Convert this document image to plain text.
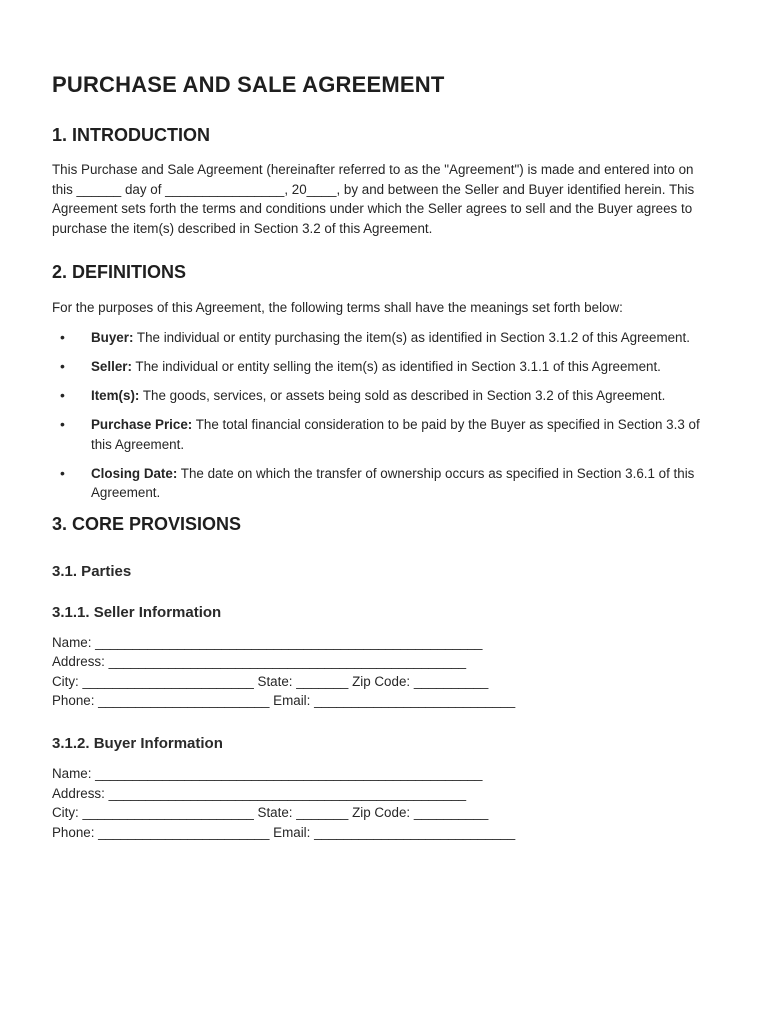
PURCHASE AND SALE AGREEMENT
1. INTRODUCTION

This Purchase and Sale Agreement (hereinafter referred to as the "Agreement") is made and entered into on this ______ day of ________________, 20____, by and between the Seller and Buyer identified herein. This Agreement sets forth the terms and conditions under which the Seller agrees to sell and the Buyer agrees to purchase the item(s) described in Section 3.2 of this Agreement.

2. DEFINITIONS

For the purposes of this Agreement, the following terms shall have the meanings set forth below:

• Buyer: The individual or entity purchasing the item(s) as identified in Section 3.1.2 of this Agreement.
• Seller: The individual or entity selling the item(s) as identified in Section 3.1.1 of this Agreement.
• Item(s): The goods, services, or assets being sold as described in Section 3.2 of this Agreement.
• Purchase Price: The total financial consideration to be paid by the Buyer as specified in Section 3.3 of this Agreement.
• Closing Date: The date on which the transfer of ownership occurs as specified in Section 3.6.1 of this Agreement.
3. CORE PROVISIONS
3.1. Parties
3.1.1. Seller Information
Name: ____________________________________________________
Address: ________________________________________________
City: _______________________ State: _______ Zip Code: __________
Phone: _______________________ Email: ___________________________
3.1.2. Buyer Information
Name: ____________________________________________________
Address: ________________________________________________
City: _______________________ State: _______ Zip Code: __________
Phone: _______________________ Email: ___________________________
